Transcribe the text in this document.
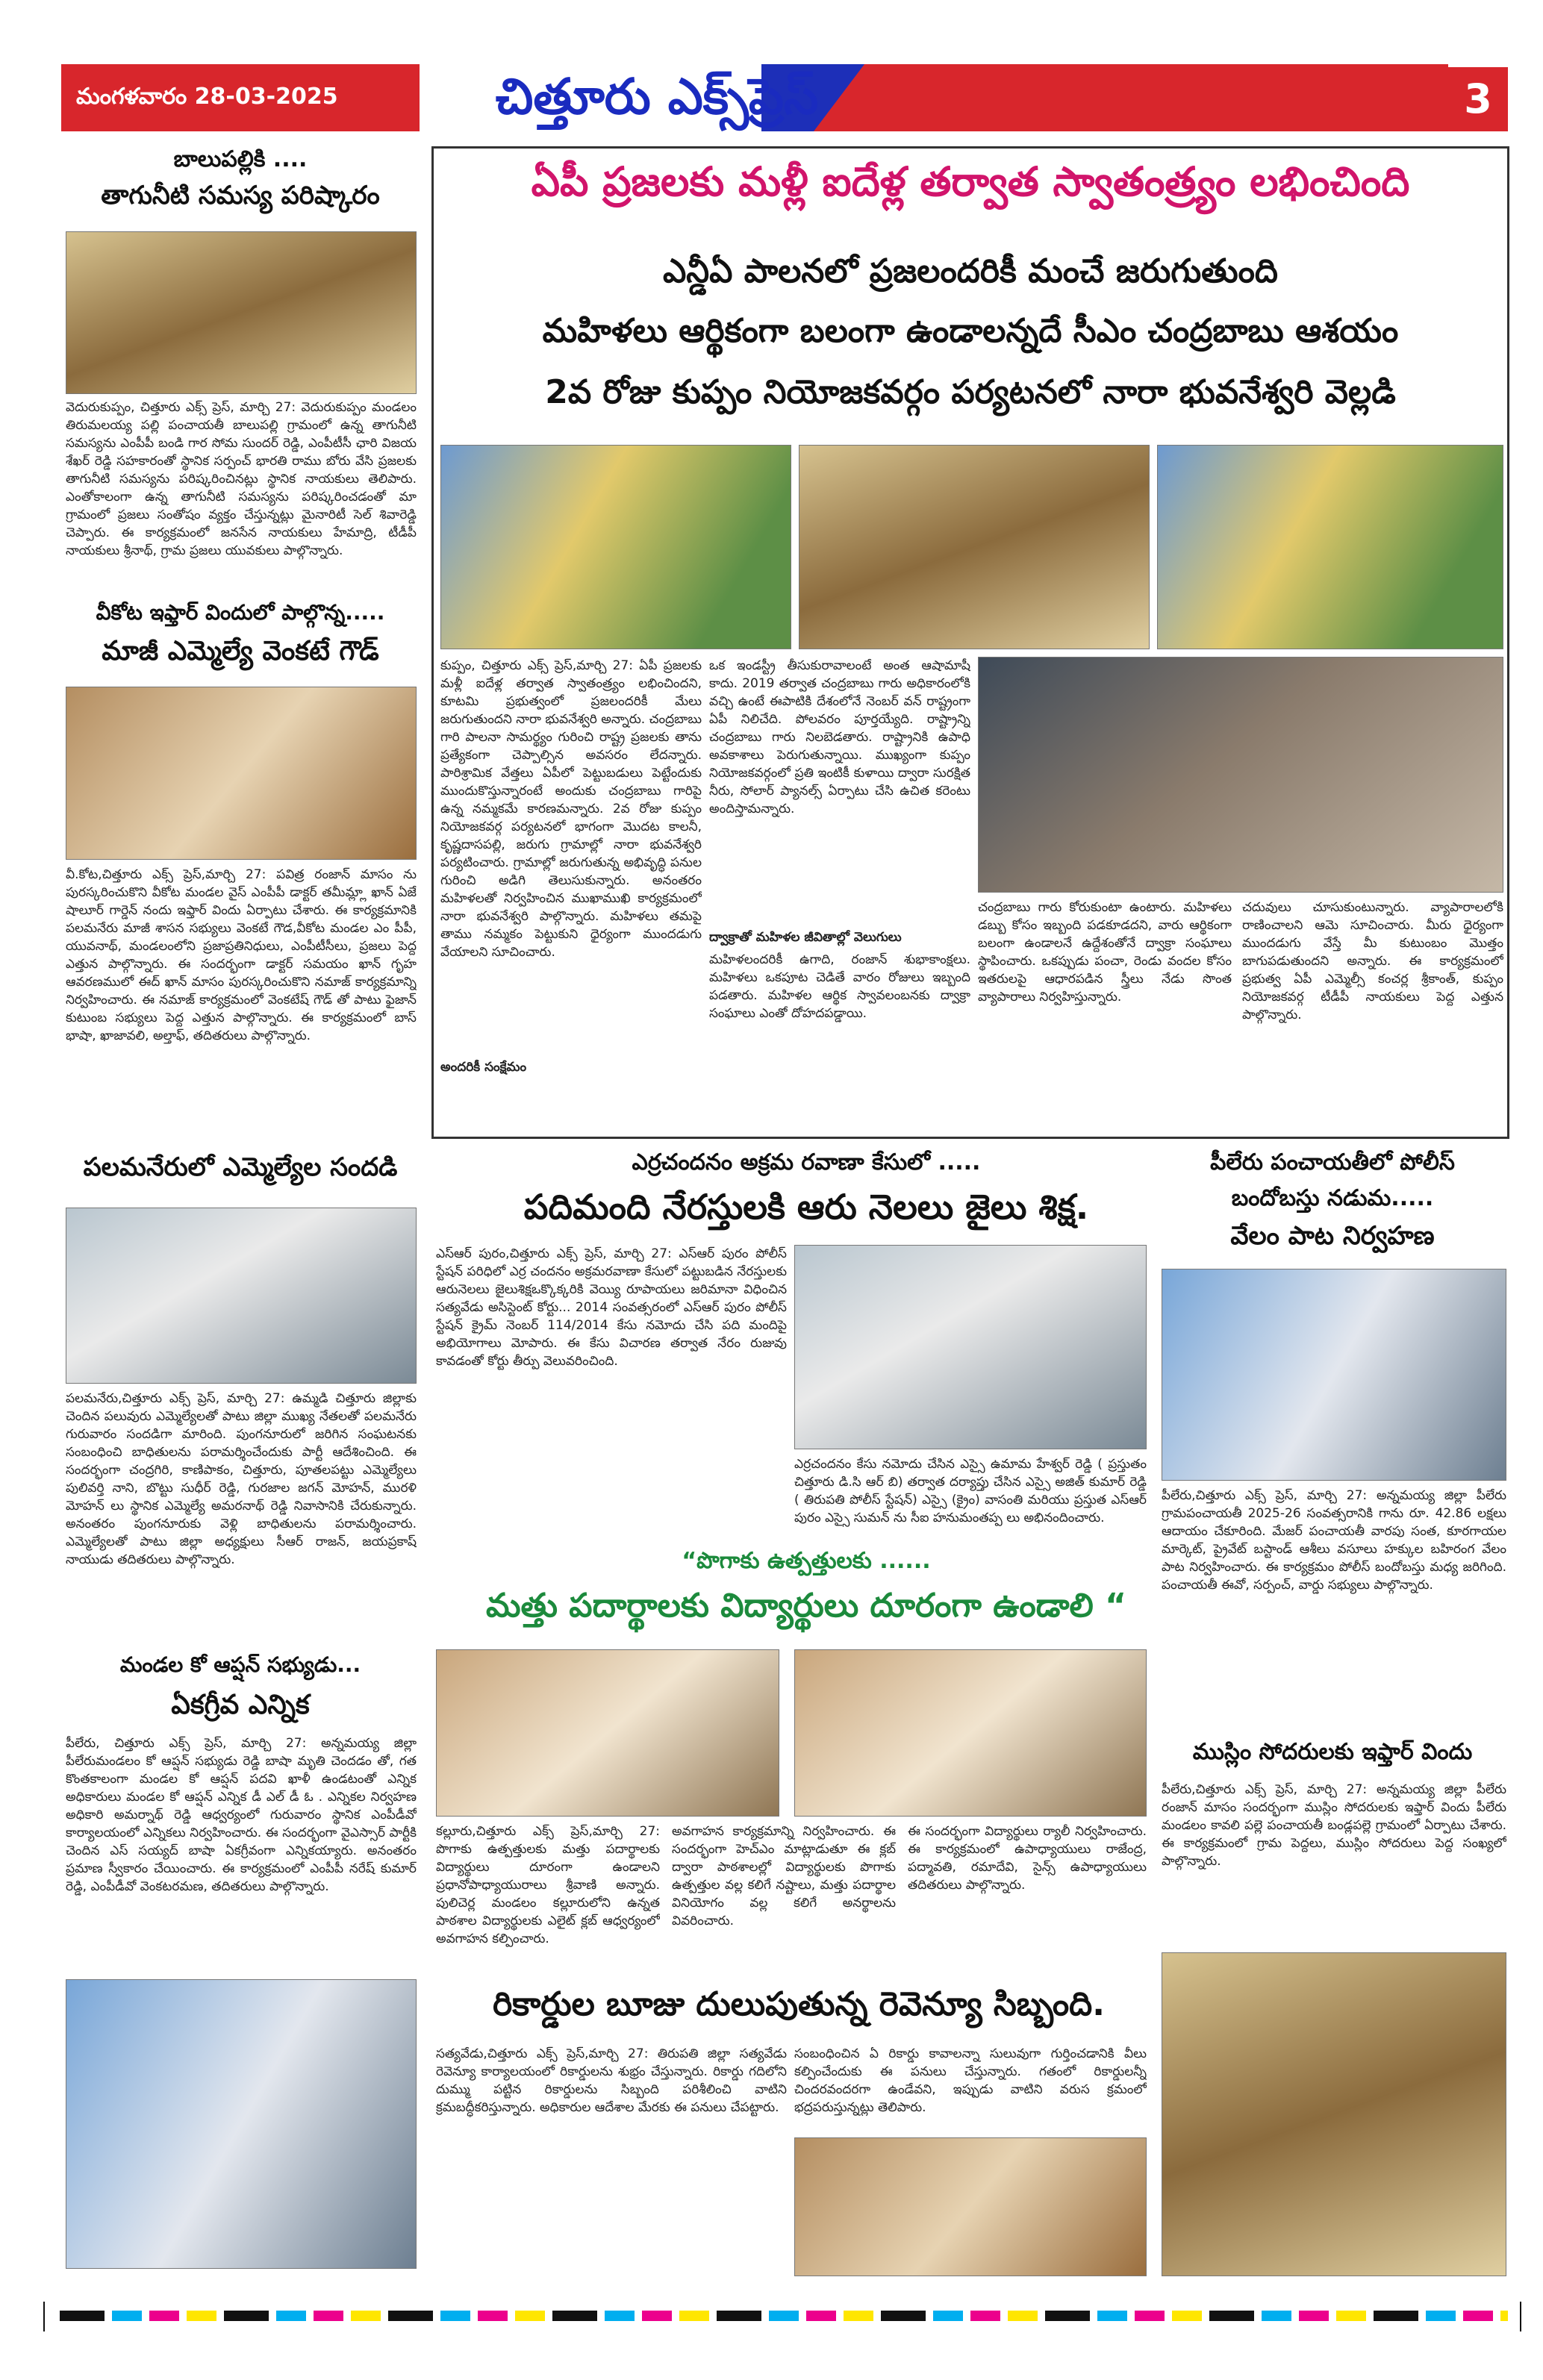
మంగళవారం 28-03-2025	చిత్తూరు ఎక్స్‌ప్రెస్	3
బాలుపల్లికి ....
తాగునీటి సమస్య పరిష్కారం
వెదురుకుప్పం, చిత్తూరు ఎక్స్ ప్రెస్, మార్చి 27: వెదురుకుప్పం మండలం తిరుమలయ్య పల్లి పంచాయతీ బాలుపల్లి గ్రామంలో ఉన్న తాగునీటి సమస్యను ఎంపీపీ బండి గార సోమ సుందర్ రెడ్డి, ఎంపీటీసీ ఛారి విజయ శేఖర్ రెడ్డి సహకారంతో స్థానిక సర్పంచ్ భారతి రాము బోరు వేసి ప్రజలకు తాగునీటి సమస్యను పరిష్కరించినట్లు స్థానిక నాయకులు తెలిపారు. ఎంతోకాలంగా ఉన్న తాగునీటి సమస్యను పరిష్కరించడంతో మా గ్రామంలో ప్రజలు సంతోషం వ్యక్తం చేస్తున్నట్లు మైనారిటీ సెల్ శివారెడ్డి చెప్పారు. ఈ కార్యక్రమంలో జనసేన నాయకులు హేమాద్రి, టీడీపీ నాయకులు శ్రీనాథ్, గ్రామ ప్రజలు యువకులు పాల్గొన్నారు.
వీకోట ఇఫ్తార్ విందులో పాల్గొన్న.....
మాజీ ఎమ్మెల్యే వెంకటే గౌడ్
వీ.కోట,చిత్తూరు ఎక్స్ ప్రెస్,మార్చి 27: పవిత్ర రంజాన్ మాసం ను పురస్కరించుకొని వీకోట మండల వైస్ ఎంపీపీ డాక్టర్ తమీమ్ల్లా ఖాన్ ఏజే షాలూర్ గార్డెన్ నందు ఇఫ్తార్ విందు ఏర్పాటు చేశారు. ఈ కార్యక్రమానికి పలమనేరు మాజీ శాసన సభ్యులు వెంకటే గౌడ,వీకోట మండల ఎం పీపీ, యువనాథ్, మండలంలోని ప్రజాప్రతినిధులు, ఎంపీటీసీలు, ప్రజలు పెద్ద ఎత్తున పాల్గొన్నారు. ఈ సందర్భంగా డాక్టర్ సమయం ఖాన్ గృహ ఆవరణములో ఈద్ ఖాన్ మాసం పురస్కరించుకొని నమాజ్ కార్యక్రమాన్ని నిర్వహించారు. ఈ నమాజ్ కార్యక్రమంలో వెంకటేష్ గౌడ్ తో పాటు ఫైజాన్ కుటుంబ సభ్యులు పెద్ద ఎత్తున పాల్గొన్నారు. ఈ కార్యక్రమంలో బాస్ భాషా, ఖాజావలి, అల్తాఫ్, తదితరులు పాల్గొన్నారు.
పలమనేరులో ఎమ్మెల్యేల సందడి
పలమనేరు,చిత్తూరు ఎక్స్ ప్రెస్, మార్చి 27: ఉమ్మడి చిత్తూరు జిల్లాకు చెందిన పలువురు ఎమ్మెల్యేలతో పాటు జిల్లా ముఖ్య నేతలతో పలమనేరు గురువారం సందడిగా మారింది. పుంగనూరులో జరిగిన సంఘటనకు సంబంధించి బాధితులను పరామర్శించేందుకు పార్టీ ఆదేశించింది. ఈ సందర్భంగా చంద్రగిరి, కాణిపాకం, చిత్తూరు, పూతలపట్టు ఎమ్మెల్యేలు పులివర్తి నాని, బొట్టు సుధీర్ రెడ్డి, గురజాల జగన్ మోహన్, మురళి మోహన్ లు స్థానిక ఎమ్మెల్యే అమరనాథ్ రెడ్డి నివాసానికి చేరుకున్నారు. అనంతరం పుంగనూరుకు వెళ్లి బాధితులను పరామర్శించారు. ఎమ్మెల్యేలతో పాటు జిల్లా అధ్యక్షులు సీఆర్ రాజన్, జయప్రకాష్ నాయుడు తదితరులు పాల్గొన్నారు.
మండల కో ఆప్షన్ సభ్యుడు...
ఏకగ్రీవ ఎన్నిక
పీలేరు, చిత్తూరు ఎక్స్ ప్రెస్, మార్చి 27: అన్నమయ్య జిల్లా పీలేరుమండలం కో ఆప్షన్ సభ్యుడు రెడ్డి బాషా మృతి చెందడం తో, గత కొంతకాలంగా మండల కో ఆప్షన్ పదవి ఖాళీ ఉండటంతో ఎన్నిక అధికారులు మండల కో ఆప్షన్ ఎన్నిక డీ ఎల్ డీ ఓ . ఎన్నికల నిర్వహణ అధికారి అమర్నాథ్ రెడ్డి ఆధ్వర్యంలో గురువారం స్థానిక ఎంపీడీవో కార్యాలయంలో ఎన్నికలు నిర్వహించారు. ఈ సందర్భంగా వైఎస్సార్ పార్టీకి చెందిన ఎస్ సయ్యద్ బాషా ఏకగ్రీవంగా ఎన్నికయ్యారు. అనంతరం ప్రమాణ స్వీకారం చేయించారు. ఈ కార్యక్రమంలో ఎంపీపీ నరేష్ కుమార్ రెడ్డి, ఎంపీడీవో వెంకటరమణ, తదితరులు పాల్గొన్నారు.
ఏపీ ప్రజలకు మళ్లీ ఐదేళ్ల తర్వాత స్వాతంత్ర్యం లభించింది
ఎన్డీఏ పాలనలో ప్రజలందరికీ మంచే జరుగుతుంది
మహిళలు ఆర్థికంగా బలంగా ఉండాలన్నదే సీఎం చంద్రబాబు ఆశయం
2వ రోజు కుప్పం నియోజకవర్గం పర్యటనలో నారా భువనేశ్వరి వెల్లడి
కుప్పం, చిత్తూరు ఎక్స్ ప్రెస్,మార్చి 27: ఏపీ ప్రజలకు మళ్లీ ఐదేళ్ల తర్వాత స్వాతంత్ర్యం లభించిందని, కూటమి ప్రభుత్వంలో ప్రజలందరికీ మేలు జరుగుతుందని నారా భువనేశ్వరి అన్నారు. చంద్రబాబు గారి పాలనా సామర్థ్యం గురించి రాష్ట్ర ప్రజలకు తాను ప్రత్యేకంగా చెప్పాల్సిన అవసరం లేదన్నారు. పారిశ్రామిక వేత్తలు ఏపీలో పెట్టుబడులు పెట్టేందుకు ముందుకొస్తున్నారంటే అందుకు చంద్రబాబు గారిపై ఉన్న నమ్మకమే కారణమన్నారు. 2వ రోజు కుప్పం నియోజకవర్గ పర్యటనలో భాగంగా మొదట కాలనీ, కృష్ణదాసపల్లి, జరుగు గ్రామాల్లో నారా భువనేశ్వరి పర్యటించారు. గ్రామాల్లో జరుగుతున్న అభివృద్ధి పనుల గురించి అడిగి తెలుసుకున్నారు. అనంతరం మహిళలతో నిర్వహించిన ముఖాముఖి కార్యక్రమంలో నారా భువనేశ్వరి పాల్గొన్నారు. మహిళలు తమపై తాము నమ్మకం పెట్టుకుని ధైర్యంగా ముందడుగు వేయాలని సూచించారు.
అందరికీ సంక్షేమం
ఒక ఇండస్ట్రీ తీసుకురావాలంటే అంత ఆషామాషీ కాదు. 2019 తర్వాత చంద్రబాబు గారు అధికారంలోకి వచ్చి ఉంటే ఈపాటికి దేశంలోనే నెంబర్ వన్ రాష్ట్రంగా ఏపీ నిలిచేది. పోలవరం పూర్తయ్యేది. రాష్ట్రాన్ని చంద్రబాబు గారు నిలబెడతారు. రాష్ట్రానికి ఉపాధి అవకాశాలు పెరుగుతున్నాయి. ముఖ్యంగా కుప్పం నియోజకవర్గంలో ప్రతి ఇంటికీ కుళాయి ద్వారా సురక్షిత నీరు, సోలార్ ప్యానల్స్ ఏర్పాటు చేసి ఉచిత కరెంటు అందిస్తామన్నారు.
ద్వాక్రాతో మహిళల జీవితాల్లో వెలుగులు
మహిళలందరికీ ఉగాది, రంజాన్ శుభాకాంక్షలు. మహిళలు ఒకపూట చెడితే వారం రోజులు ఇబ్బంది పడతారు. మహిళల ఆర్థిక స్వావలంబనకు ద్వాక్రా సంఘాలు ఎంతో దోహదపడ్డాయి.
చంద్రబాబు గారు కోరుకుంటా ఉంటారు. మహిళలు డబ్బు కోసం ఇబ్బంది పడకూడదని, వారు ఆర్థికంగా బలంగా ఉండాలనే ఉద్దేశంతోనే ద్వాక్రా సంఘాలు స్థాపించారు. ఒకప్పుడు పంచా, రెండు వందల కోసం ఇతరులపై ఆధారపడిన స్త్రీలు నేడు సొంత వ్యాపారాలు నిర్వహిస్తున్నారు.
చదువులు చూసుకుంటున్నారు. వ్యాపారాలలోకి రాణించాలని ఆమె సూచించారు. మీరు ధైర్యంగా ముందడుగు వేస్తే మీ కుటుంబం మొత్తం బాగుపడుతుందని అన్నారు. ఈ కార్యక్రమంలో ప్రభుత్వ ఏపీ ఎమ్మెల్సీ కంచర్ల శ్రీకాంత్, కుప్పం నియోజకవర్గ టీడీపీ నాయకులు పెద్ద ఎత్తున పాల్గొన్నారు.
ఎర్రచందనం అక్రమ రవాణా కేసులో .....
పదిమంది నేరస్తులకి ఆరు నెలలు జైలు శిక్ష.
ఎస్ఆర్ పురం,చిత్తూరు ఎక్స్ ప్రెస్, మార్చి 27: ఎస్ఆర్ పురం పోలీస్ స్టేషన్ పరిధిలో ఎర్ర చందనం అక్రమరవాణా కేసులో పట్టుబడిన నేరస్తులకు ఆరునెలలు జైలుశిక్షఒక్కొక్కరికి వెయ్యి రూపాయలు జరిమానా విధించిన సత్యవేడు అసిస్టెంట్ కోర్టు... 2014 సంవత్సరంలో ఎస్ఆర్ పురం పోలీస్ స్టేషన్ క్రైమ్ నెంబర్ 114/2014 కేసు నమోదు చేసి పది మందిపై అభియోగాలు మోపారు. ఈ కేసు విచారణ తర్వాత నేరం రుజువు కావడంతో కోర్టు తీర్పు వెలువరించింది.
ఎర్రచందనం కేసు నమోదు చేసిన ఎస్సై ఉమామ హేశ్వర్ రెడ్డి ( ప్రస్తుతం చిత్తూరు డి.సి ఆర్ బి) తర్వాత దర్యాప్తు చేసిన ఎస్సై అజిత్ కుమార్ రెడ్డి ( తిరుపతి పోలీస్ స్టేషన్) ఎస్సై (క్రైం) వాసంతి మరియు ప్రస్తుత ఎస్ఆర్ పురం ఎస్సై సుమన్ ను సీఐ హనుమంతప్ప లు అభినందించారు.
“పొగాకు ఉత్పత్తులకు ......
మత్తు పదార్థాలకు విద్యార్థులు దూరంగా ఉండాలి “
కల్లూరు,చిత్తూరు ఎక్స్ ప్రెస్,మార్చి 27: పొగాకు ఉత్పత్తులకు మత్తు పదార్థాలకు విద్యార్థులు దూరంగా ఉండాలని ప్రధానోపాధ్యాయురాలు శ్రీవాణి అన్నారు. పులిచెర్ల మండలం కల్లూరులోని ఉన్నత పాఠశాల విద్యార్థులకు ఎలైట్ క్లబ్ ఆధ్వర్యంలో అవగాహన కల్పించారు.
అవగాహన కార్యక్రమాన్ని నిర్వహించారు. ఈ సందర్భంగా హెచ్ఎం మాట్లాడుతూ ఈ క్లబ్ ద్వారా పాఠశాలల్లో విద్యార్థులకు పొగాకు ఉత్పత్తుల వల్ల కలిగే నష్టాలు, మత్తు పదార్థాల వినియోగం వల్ల కలిగే అనర్థాలను వివరించారు.
ఈ సందర్భంగా విద్యార్థులు ర్యాలీ నిర్వహించారు. ఈ కార్యక్రమంలో ఉపాధ్యాయులు రాజేంద్ర, పద్మావతి, రమాదేవి, సైన్స్ ఉపాధ్యాయులు తదితరులు పాల్గొన్నారు.
రికార్డుల బూజు దులుపుతున్న రెవెన్యూ సిబ్బంది.
సత్యవేడు,చిత్తూరు ఎక్స్ ప్రెస్,మార్చి 27: తిరుపతి జిల్లా సత్యవేడు రెవెన్యూ కార్యాలయంలో రికార్డులను శుభ్రం చేస్తున్నారు. రికార్డు గదిలోని దుమ్ము పట్టిన రికార్డులను సిబ్బంది పరిశీలించి వాటిని క్రమబద్ధీకరిస్తున్నారు. అధికారుల ఆదేశాల మేరకు ఈ పనులు చేపట్టారు.
సంబంధించిన ఏ రికార్డు కావాలన్నా సులువుగా గుర్తించడానికి వీలు కల్పించేందుకు ఈ పనులు చేస్తున్నారు. గతంలో రికార్డులన్నీ చిందరవందరగా ఉండేవని, ఇప్పుడు వాటిని వరుస క్రమంలో భద్రపరుస్తున్నట్లు తెలిపారు.
పీలేరు పంచాయతీలో పోలీస్
బందోబస్తు నడుమ.....
వేలం పాట నిర్వహణ
పీలేరు,చిత్తూరు ఎక్స్ ప్రెస్, మార్చి 27: అన్నమయ్య జిల్లా పీలేరు గ్రామపంచాయతీ 2025-26 సంవత్సరానికి గాను రూ. 42.86 లక్షలు ఆదాయం చేకూరింది. మేజర్ పంచాయతీ వారపు సంత, కూరగాయల మార్కెట్, ప్రైవేట్ బస్టాండ్ ఆశీలు వసూలు హక్కుల బహిరంగ వేలం పాట నిర్వహించారు. ఈ కార్యక్రమం పోలీస్ బందోబస్తు మధ్య జరిగింది. పంచాయతీ ఈవో, సర్పంచ్, వార్డు సభ్యులు పాల్గొన్నారు.
ముస్లిం సోదరులకు ఇఫ్తార్ విందు
పీలేరు,చిత్తూరు ఎక్స్ ప్రెస్, మార్చి 27: అన్నమయ్య జిల్లా పీలేరు రంజాన్ మాసం సందర్భంగా ముస్లిం సోదరులకు ఇఫ్తార్ విందు పీలేరు మండలం కావలి పల్లె పంచాయతీ బండ్లపల్లె గ్రామంలో ఏర్పాటు చేశారు. ఈ కార్యక్రమంలో గ్రామ పెద్దలు, ముస్లిం సోదరులు పెద్ద సంఖ్యలో పాల్గొన్నారు.
